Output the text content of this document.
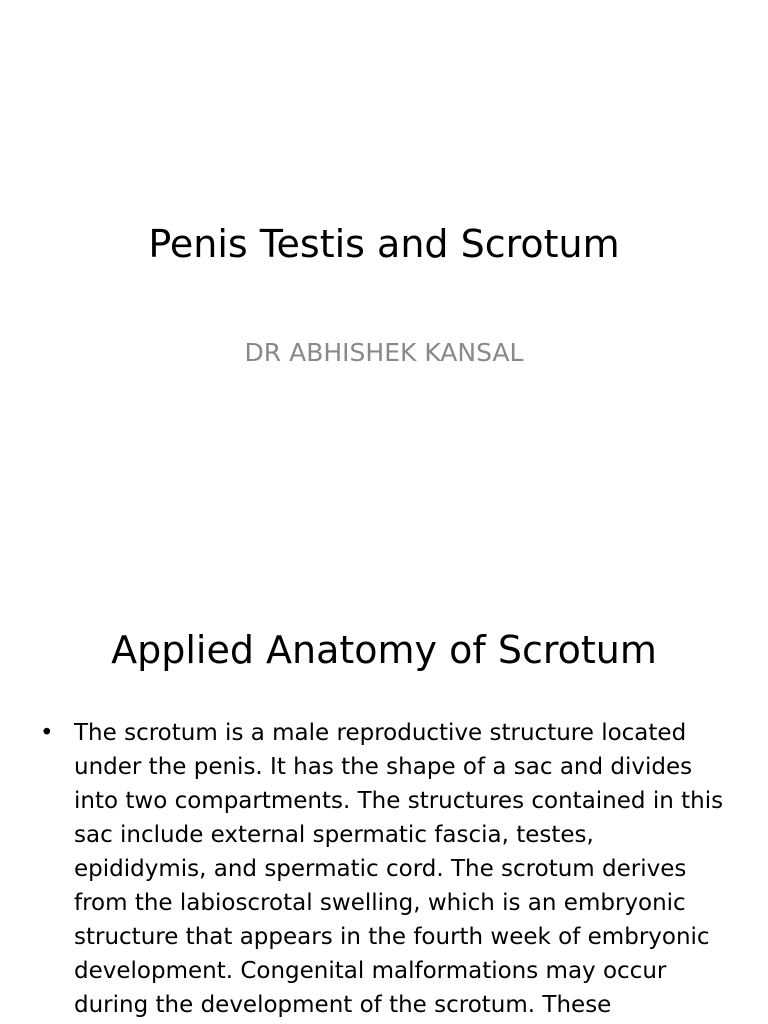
Penis Testis and Scrotum

DR ABHISHEK KANSAL

Applied Anatomy of Scrotum
• The scrotum is a male reproductive structure located under the penis. It has the shape of a sac and divides into two compartments. The structures contained in this sac include external spermatic fascia, testes, epididymis, and spermatic cord. The scrotum derives from the labioscrotal swelling, which is an embryonic structure that appears in the fourth week of embryonic development. Congenital malformations may occur during the development of the scrotum. These
